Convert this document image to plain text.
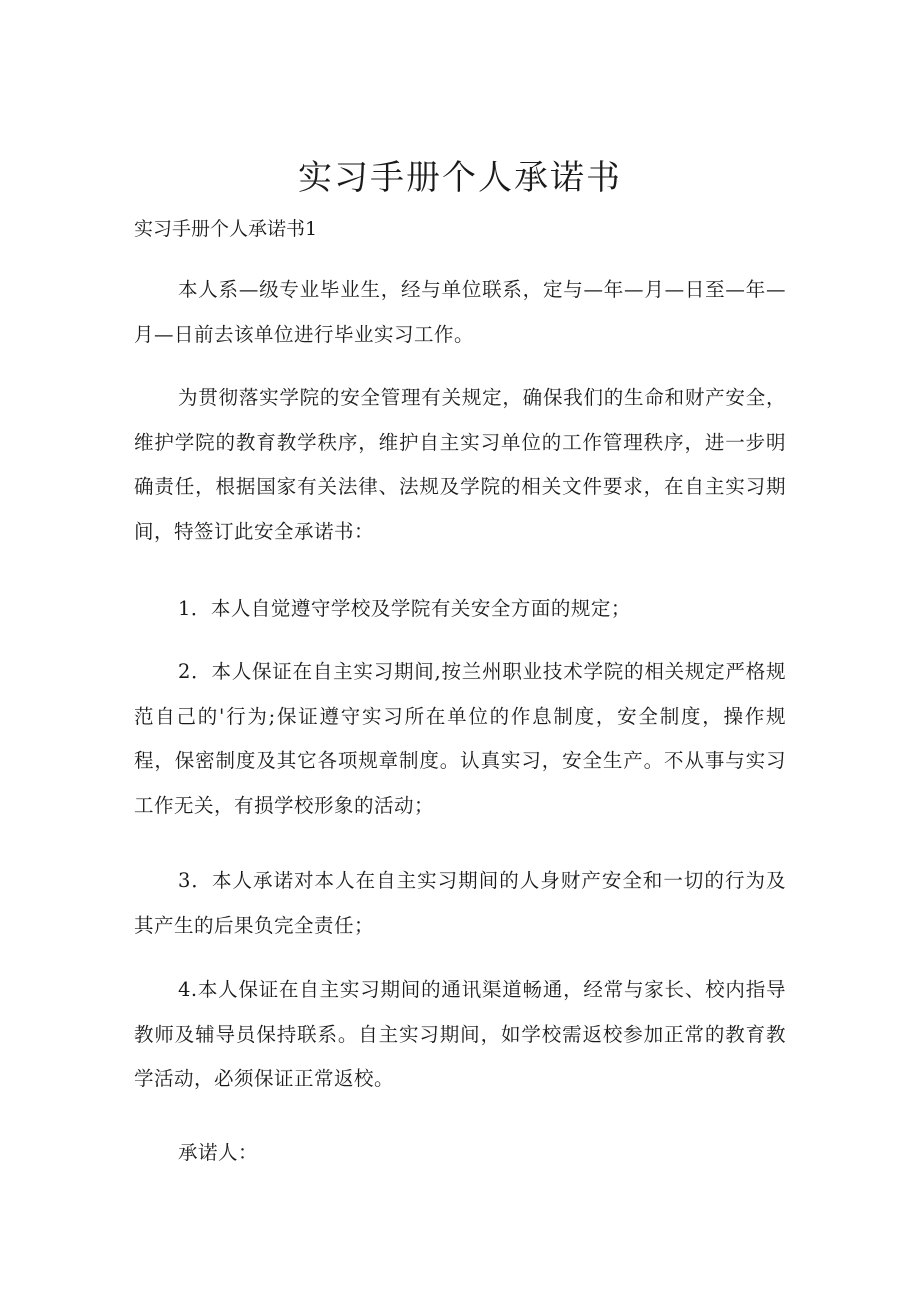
实习手册个人承诺书

实习手册个人承诺书1

本人系—级专业毕业生，经与单位联系，定与—年—月—日至—年—月—日前去该单位进行毕业实习工作。

为贯彻落实学院的安全管理有关规定，确保我们的生命和财产安全，维护学院的教育教学秩序，维护自主实习单位的工作管理秩序，进一步明确责任，根据国家有关法律、法规及学院的相关文件要求，在自主实习期间，特签订此安全承诺书：

1．本人自觉遵守学校及学院有关安全方面的规定；

2．本人保证在自主实习期间,按兰州职业技术学院的相关规定严格规范自己的'行为;保证遵守实习所在单位的作息制度，安全制度，操作规程，保密制度及其它各项规章制度。认真实习，安全生产。不从事与实习工作无关，有损学校形象的活动；

3．本人承诺对本人在自主实习期间的人身财产安全和一切的行为及其产生的后果负完全责任；

4.本人保证在自主实习期间的通讯渠道畅通，经常与家长、校内指导教师及辅导员保持联系。自主实习期间，如学校需返校参加正常的教育教学活动，必须保证正常返校。

承诺人：
